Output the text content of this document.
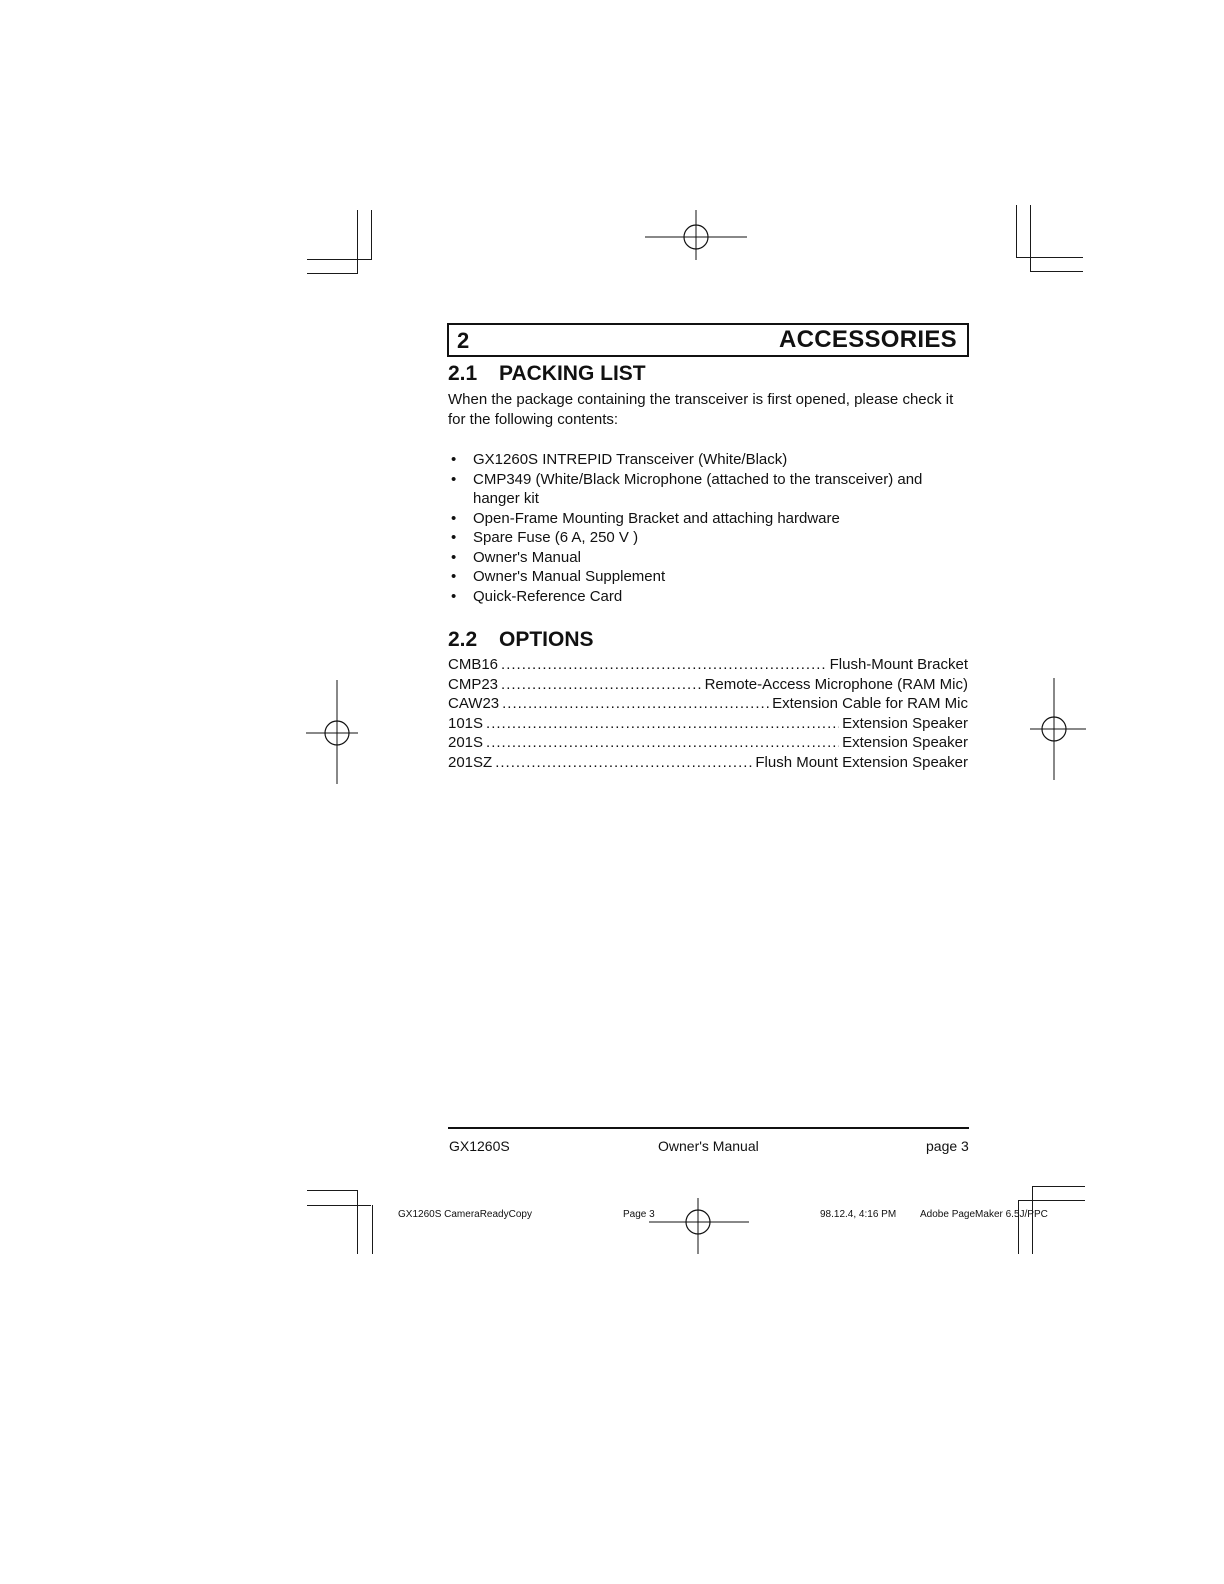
2	ACCESSORIES
2.1 PACKING LIST
When the package containing the transceiver is first opened, please check it for the following contents:
• GX1260S INTREPID Transceiver (White/Black)
• CMP349 (White/Black Microphone (attached to the transceiver) and hanger kit
• Open-Frame Mounting Bracket and attaching hardware
• Spare Fuse (6 A, 250 V )
• Owner's Manual
• Owner's Manual Supplement
• Quick-Reference Card
2.2 OPTIONS
CMB16 .....	Flush-Mount Bracket
CMP23 .....	Remote-Access Microphone (RAM Mic)
CAW23 .....	Extension Cable for RAM Mic
101S .....	Extension Speaker
201S .....	Extension Speaker
201SZ .....	Flush Mount Extension Speaker
GX1260S	Owner's Manual	page 3
GX1260S CameraReadyCopy	Page 3	98.12.4, 4:16 PM Adobe PageMaker 6.5J/PPC
